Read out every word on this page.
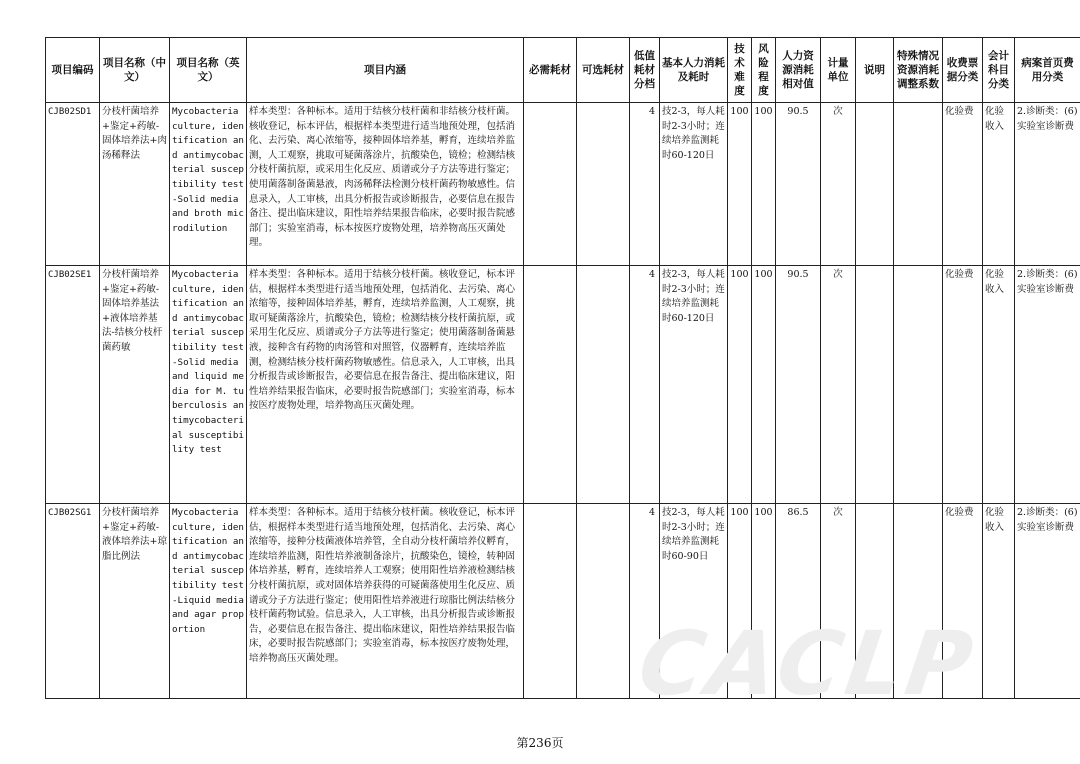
项目编码	项目名称（中文）	项目名称（英文）	项目内涵	必需耗材	可选耗材	低值耗材分档	基本人力消耗及耗时	技术难度	风险程度	人力资源消耗相对值	计量单位	说明	特殊情况资源消耗调整系数	收费票据分类	会计科目分类	病案首页费用分类
CJB02SD1	分枝杆菌培养+鉴定+药敏-固体培养法+肉汤稀释法	Mycobacteria culture, identification and antimycobacterial susceptibility test-Solid media and broth microdilution	样本类型：各种标本。适用于结核分枝杆菌和非结核分枝杆菌。核收登记，标本评估，根据样本类型进行适当地预处理，包括消化、去污染、离心浓缩等，接种固体培养基，孵育，连续培养监测，人工观察，挑取可疑菌落涂片，抗酸染色，镜检；检测结核分枝杆菌抗原，或采用生化反应、质谱或分子方法等进行鉴定；使用菌落制备菌悬液，肉汤稀释法检测分枝杆菌药物敏感性。信息录入，人工审核，出具分析报告或诊断报告，必要信息在报告备注、提出临床建议，阳性培养结果报告临床，必要时报告院感部门；实验室消毒，标本按医疗废物处理，培养物高压灭菌处理。			4	技2-3，每人耗时2-3小时；连续培养监测耗时60-120日	100	100	90.5	次			化验费	化验收入	2.诊断类：(6)实验室诊断费
CJB02SE1	分枝杆菌培养+鉴定+药敏-固体培养基法+液体培养基法-结核分枝杆菌药敏	Mycobacteria culture, identification and antimycobacterial susceptibility test-Solid media and liquid media for M. tuberculosis antimycobacterial susceptibility test	样本类型：各种标本。适用于结核分枝杆菌。核收登记，标本评估，根据样本类型进行适当地预处理，包括消化、去污染、离心浓缩等，接种固体培养基，孵育，连续培养监测，人工观察，挑取可疑菌落涂片，抗酸染色，镜检；检测结核分枝杆菌抗原，或采用生化反应、质谱或分子方法等进行鉴定；使用菌落制备菌悬液，接种含有药物的肉汤管和对照管，仪器孵育，连续培养监测，检测结核分枝杆菌药物敏感性。信息录入，人工审核，出具分析报告或诊断报告，必要信息在报告备注、提出临床建议，阳性培养结果报告临床，必要时报告院感部门；实验室消毒，标本按医疗废物处理，培养物高压灭菌处理。			4	技2-3，每人耗时2-3小时；连续培养监测耗时60-120日	100	100	90.5	次			化验费	化验收入	2.诊断类：(6)实验室诊断费
CJB02SG1	分枝杆菌培养+鉴定+药敏-液体培养法+琼脂比例法	Mycobacteria culture, identification and antimycobacterial susceptibility test-Liquid media and agar proportion	样本类型：各种标本。适用于结核分枝杆菌。核收登记，标本评估，根据样本类型进行适当地预处理，包括消化、去污染、离心浓缩等，接种分枝菌液体培养管，全自动分枝杆菌培养仪孵育，连续培养监测，阳性培养液制备涂片，抗酸染色，镜检，转种固体培养基，孵育，连续培养人工观察；使用阳性培养液检测结核分枝杆菌抗原，或对固体培养获得的可疑菌落使用生化反应、质谱或分子方法进行鉴定；使用阳性培养液进行琼脂比例法结核分枝杆菌药物试验。信息录入，人工审核，出具分析报告或诊断报告，必要信息在报告备注、提出临床建议，阳性培养结果报告临床，必要时报告院感部门；实验室消毒，标本按医疗废物处理，培养物高压灭菌处理。			4	技2-3，每人耗时2-3小时；连续培养监测耗时60-90日	100	100	86.5	次			化验费	化验收入	2.诊断类：(6)实验室诊断费
CACLP
第236页
